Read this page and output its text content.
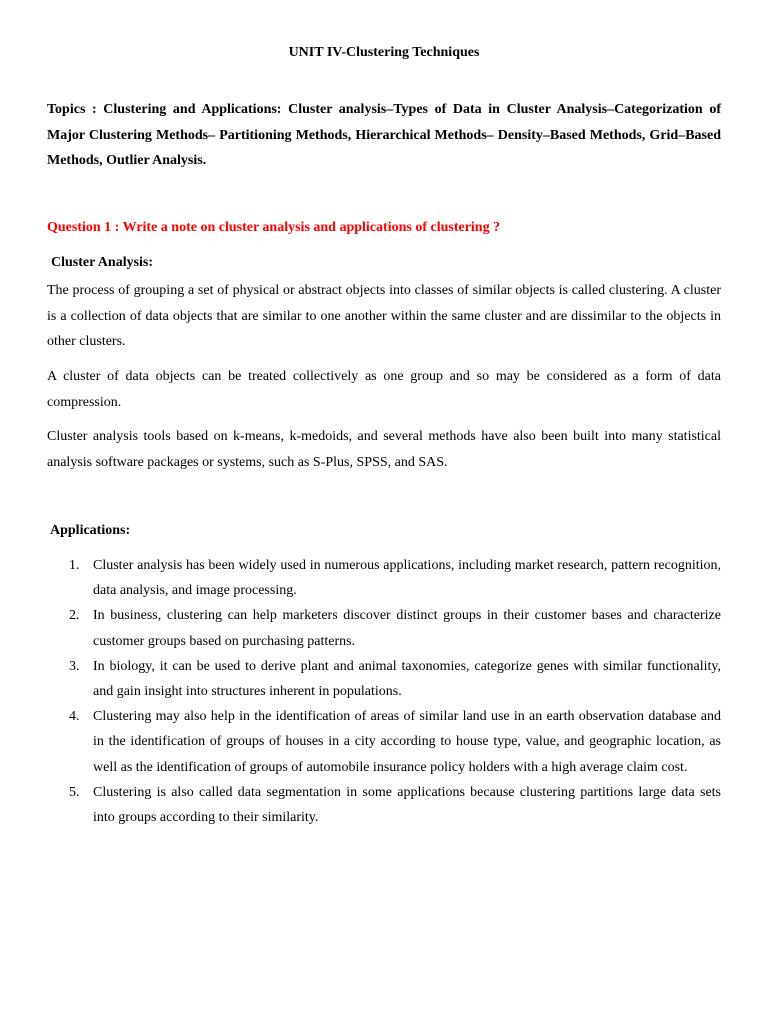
UNIT IV-Clustering Techniques
Topics : Clustering and Applications: Cluster analysis–Types of Data in Cluster Analysis–Categorization of Major Clustering Methods– Partitioning Methods, Hierarchical Methods– Density–Based Methods, Grid–Based Methods, Outlier Analysis.
Question 1 : Write a note on cluster analysis and applications of clustering ?
Cluster Analysis:

The process of grouping a set of physical or abstract objects into classes of similar objects is called clustering. A cluster is a collection of data objects that are similar to one another within the same cluster and are dissimilar to the objects in other clusters.

A cluster of data objects can be treated collectively as one group and so may be considered as a form of data compression.

Cluster analysis tools based on k-means, k-medoids, and several methods have also been built into many statistical analysis software packages or systems, such as S-Plus, SPSS, and SAS.

Applications:
1. Cluster analysis has been widely used in numerous applications, including market research, pattern recognition, data analysis, and image processing.
2. In business, clustering can help marketers discover distinct groups in their customer bases and characterize customer groups based on purchasing patterns.
3. In biology, it can be used to derive plant and animal taxonomies, categorize genes with similar functionality, and gain insight into structures inherent in populations.
4. Clustering may also help in the identification of areas of similar land use in an earth observation database and in the identification of groups of houses in a city according to house type, value, and geographic location, as well as the identification of groups of automobile insurance policy holders with a high average claim cost.
5. Clustering is also called data segmentation in some applications because clustering partitions large data sets into groups according to their similarity.
